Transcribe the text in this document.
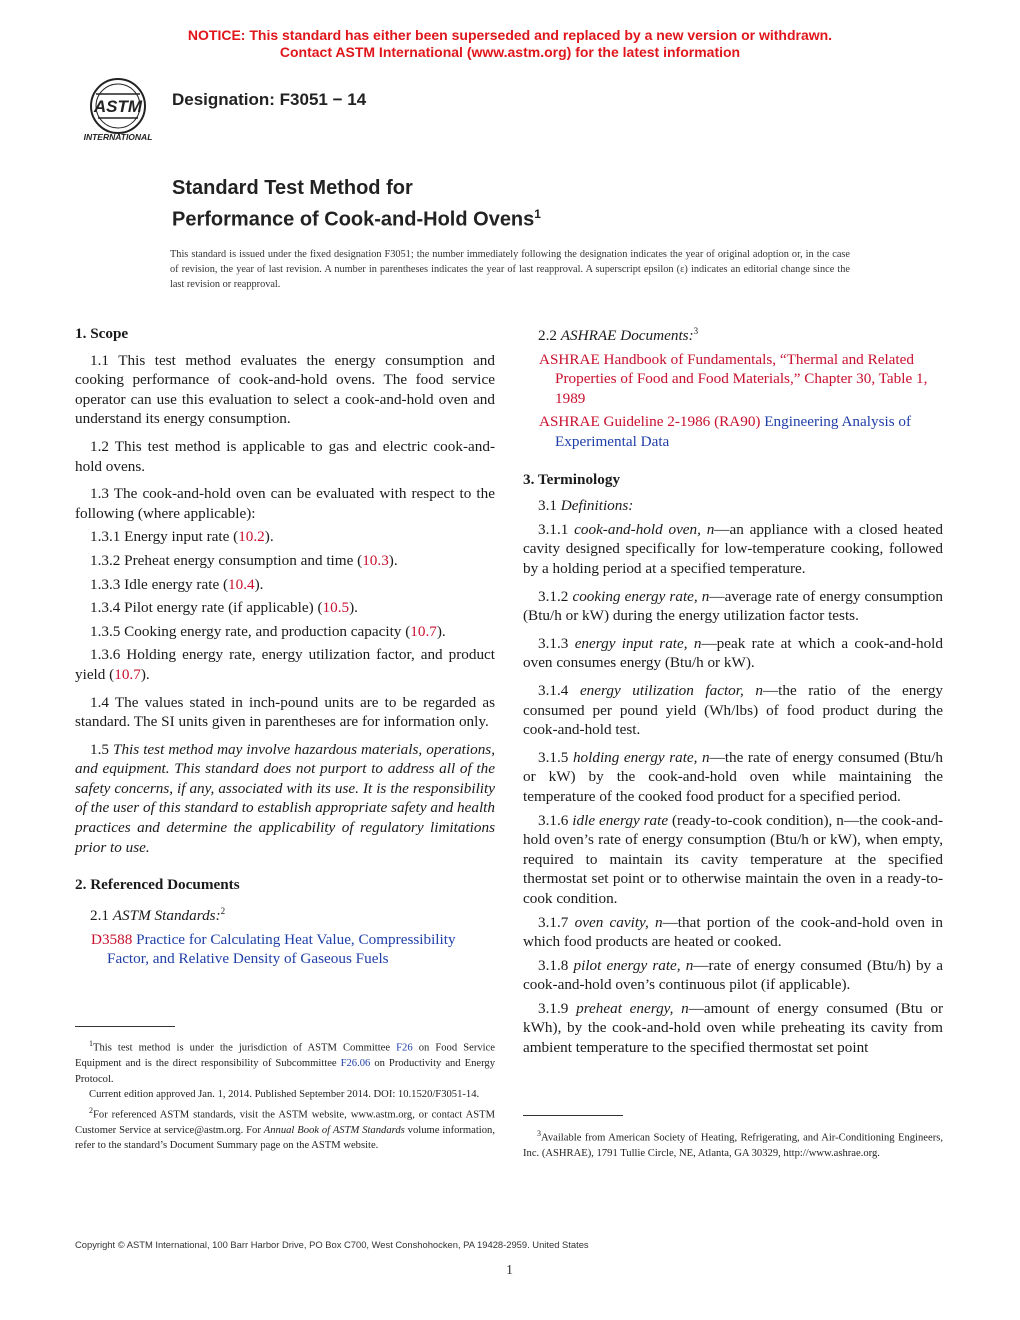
NOTICE: This standard has either been superseded and replaced by a new version or withdrawn.
Contact ASTM International (www.astm.org) for the latest information
ASTM
INTERNATIONAL
Designation: F3051 − 14
Standard Test Method for
Performance of Cook-and-Hold Ovens$^1$
This standard is issued under the fixed designation F3051; the number immediately following the designation indicates the year of original adoption or, in the case of revision, the year of last revision. A number in parentheses indicates the year of last reapproval. A superscript epsilon (ε) indicates an editorial change since the last revision or reapproval.
1. Scope

1.1 This test method evaluates the energy consumption and cooking performance of cook-and-hold ovens. The food service operator can use this evaluation to select a cook-and-hold oven and understand its energy consumption.

1.2 This test method is applicable to gas and electric cook-and-hold ovens.

1.3 The cook-and-hold oven can be evaluated with respect to the following (where applicable):

1.3.1 Energy input rate (10.2).

1.3.2 Preheat energy consumption and time (10.3).

1.3.3 Idle energy rate (10.4).

1.3.4 Pilot energy rate (if applicable) (10.5).

1.3.5 Cooking energy rate, and production capacity (10.7).

1.3.6 Holding energy rate, energy utilization factor, and product yield (10.7).

1.4 The values stated in inch-pound units are to be regarded as standard. The SI units given in parentheses are for information only.

1.5 This test method may involve hazardous materials, operations, and equipment. This standard does not purport to address all of the safety concerns, if any, associated with its use. It is the responsibility of the user of this standard to establish appropriate safety and health practices and determine the applicability of regulatory limitations prior to use.

2. Referenced Documents

2.1 ASTM Standards:$^2$

D3588 Practice for Calculating Heat Value, Compressibility Factor, and Relative Density of Gaseous Fuels

2.2 ASHRAE Documents:$^3$

ASHRAE Handbook of Fundamentals, “Thermal and Related Properties of Food and Food Materials,” Chapter 30, Table 1, 1989

ASHRAE Guideline 2-1986 (RA90) Engineering Analysis of Experimental Data

3. Terminology

3.1 Definitions:

3.1.1 cook-and-hold oven, n—an appliance with a closed heated cavity designed specifically for low-temperature cooking, followed by a holding period at a specified temperature.

3.1.2 cooking energy rate, n—average rate of energy consumption (Btu/h or kW) during the energy utilization factor tests.

3.1.3 energy input rate, n—peak rate at which a cook-and-hold oven consumes energy (Btu/h or kW).

3.1.4 energy utilization factor, n—the ratio of the energy consumed per pound yield (Wh/lbs) of food product during the cook-and-hold test.

3.1.5 holding energy rate, n—the rate of energy consumed (Btu/h or kW) by the cook-and-hold oven while maintaining the temperature of the cooked food product for a specified period.

3.1.6 idle energy rate (ready-to-cook condition), n—the cook-and-hold oven’s rate of energy consumption (Btu/h or kW), when empty, required to maintain its cavity temperature at the specified thermostat set point or to otherwise maintain the oven in a ready-to-cook condition.

3.1.7 oven cavity, n—that portion of the cook-and-hold oven in which food products are heated or cooked.

3.1.8 pilot energy rate, n—rate of energy consumed (Btu/h) by a cook-and-hold oven’s continuous pilot (if applicable).

3.1.9 preheat energy, n—amount of energy consumed (Btu or kWh), by the cook-and-hold oven while preheating its cavity from ambient temperature to the specified thermostat set point

$^1$This test method is under the jurisdiction of ASTM Committee F26 on Food Service Equipment and is the direct responsibility of Subcommittee F26.06 on Productivity and Energy Protocol.

Current edition approved Jan. 1, 2014. Published September 2014. DOI: 10.1520/F3051-14.

$^2$For referenced ASTM standards, visit the ASTM website, www.astm.org, or contact ASTM Customer Service at service@astm.org. For Annual Book of ASTM Standards volume information, refer to the standard’s Document Summary page on the ASTM website.

$^3$Available from American Society of Heating, Refrigerating, and Air-Conditioning Engineers, Inc. (ASHRAE), 1791 Tullie Circle, NE, Atlanta, GA 30329, http://www.ashrae.org.

Copyright © ASTM International, 100 Barr Harbor Drive, PO Box C700, West Conshohocken, PA 19428-2959. United States
1
